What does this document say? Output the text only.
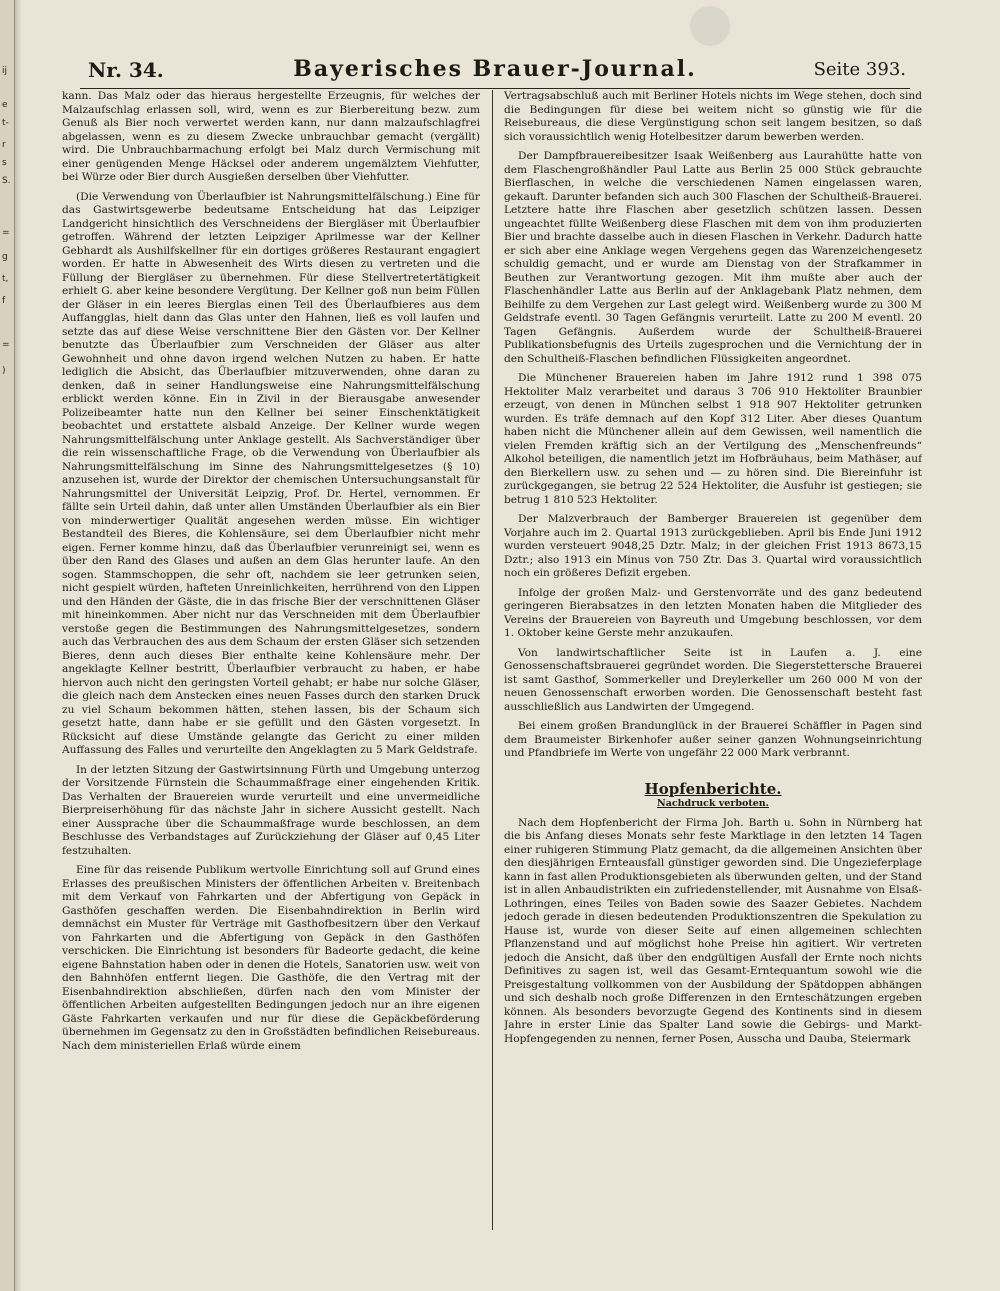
ij
e
t-
r
s
S.
=
g
t,
f
=
)
Nr. 34.	Bayerisches Brauer-Journal.	Seite 393.

kann. Das Malz oder das hieraus hergestellte Erzeugnis, für welches der Malzaufschlag erlassen soll, wird, wenn es zur Bierbereitung bezw. zum Genuß als Bier noch verwertet werden kann, nur dann malzaufschlagfrei abgelassen, wenn es zu diesem Zwecke unbrauchbar gemacht (vergällt) wird. Die Unbrauchbarmachung erfolgt bei Malz durch Vermischung mit einer genügenden Menge Häcksel oder anderem ungemälztem Viehfutter, bei Würze oder Bier durch Ausgießen derselben über Viehfutter.

(Die Verwendung von Überlaufbier ist Nahrungsmittelfälschung.) Eine für das Gastwirtsgewerbe bedeutsame Entscheidung hat das Leipziger Landgericht hinsichtlich des Verschneidens der Biergläser mit Überlaufbier getroffen. Während der letzten Leipziger Aprilmesse war der Kellner Gebhardt als Aushilfskellner für ein dortiges größeres Restaurant engagiert worden. Er hatte in Abwesenheit des Wirts diesen zu vertreten und die Füllung der Biergläser zu übernehmen. Für diese Stellvertretertätigkeit erhielt G. aber keine besondere Vergütung. Der Kellner goß nun beim Füllen der Gläser in ein leeres Bierglas einen Teil des Überlaufbieres aus dem Auffangglas, hielt dann das Glas unter den Hahnen, ließ es voll laufen und setzte das auf diese Weise verschnittene Bier den Gästen vor. Der Kellner benutzte das Überlaufbier zum Verschneiden der Gläser aus alter Gewohnheit und ohne davon irgend welchen Nutzen zu haben. Er hatte lediglich die Absicht, das Überlaufbier mitzuverwenden, ohne daran zu denken, daß in seiner Handlungsweise eine Nahrungsmittelfälschung erblickt werden könne. Ein in Zivil in der Bierausgabe anwesender Polizeibeamter hatte nun den Kellner bei seiner Einschenktätigkeit beobachtet und erstattete alsbald Anzeige. Der Kellner wurde wegen Nahrungsmittelfälschung unter Anklage gestellt. Als Sachverständiger über die rein wissenschaftliche Frage, ob die Verwendung von Überlaufbier als Nahrungsmittelfälschung im Sinne des Nahrungsmittelgesetzes (§ 10) anzusehen ist, wurde der Direktor der chemischen Untersuchungsanstalt für Nahrungsmittel der Universität Leipzig, Prof. Dr. Hertel, vernommen. Er fällte sein Urteil dahin, daß unter allen Umständen Überlaufbier als ein Bier von minderwertiger Qualität angesehen werden müsse. Ein wichtiger Bestandteil des Bieres, die Kohlensäure, sei dem Überlaufbier nicht mehr eigen. Ferner komme hinzu, daß das Überlaufbier verunreinigt sei, wenn es über den Rand des Glases und außen an dem Glas herunter laufe. An den sogen. Stammschoppen, die sehr oft, nachdem sie leer getrunken seien, nicht gespielt würden, hafteten Unreinlichkeiten, herrührend von den Lippen und den Händen der Gäste, die in das frische Bier der verschnittenen Gläser mit hineinkommen. Aber nicht nur das Verschneiden mit dem Überlaufbier verstoße gegen die Bestimmungen des Nahrungsmittelgesetzes, sondern auch das Verbrauchen des aus dem Schaum der ersten Gläser sich setzenden Bieres, denn auch dieses Bier enthalte keine Kohlensäure mehr. Der angeklagte Kellner bestritt, Überlaufbier verbraucht zu haben, er habe hiervon auch nicht den geringsten Vorteil gehabt; er habe nur solche Gläser, die gleich nach dem Anstecken eines neuen Fasses durch den starken Druck zu viel Schaum bekommen hätten, stehen lassen, bis der Schaum sich gesetzt hatte, dann habe er sie gefüllt und den Gästen vorgesetzt. In Rücksicht auf diese Umstände gelangte das Gericht zu einer milden Auffassung des Falles und verurteilte den Angeklagten zu 5 Mark Geldstrafe.

In der letzten Sitzung der Gastwirtsinnung Fürth und Umgebung unterzog der Vorsitzende Fürnstein die Schaummaßfrage einer eingehenden Kritik. Das Verhalten der Brauereien wurde verurteilt und eine unvermeidliche Bierpreiserhöhung für das nächste Jahr in sichere Aussicht gestellt. Nach einer Aussprache über die Schaummaßfrage wurde beschlossen, an dem Beschlusse des Verbandstages auf Zurückziehung der Gläser auf 0,45 Liter festzuhalten.

Eine für das reisende Publikum wertvolle Einrichtung soll auf Grund eines Erlasses des preußischen Ministers der öffentlichen Arbeiten v. Breitenbach mit dem Verkauf von Fahrkarten und der Abfertigung von Gepäck in Gasthöfen geschaffen werden. Die Eisenbahndirektion in Berlin wird demnächst ein Muster für Verträge mit Gasthofbesitzern über den Verkauf von Fahrkarten und die Abfertigung von Gepäck in den Gasthöfen verschicken. Die Einrichtung ist besonders für Badeorte gedacht, die keine eigene Bahnstation haben oder in denen die Hotels, Sanatorien usw. weit von den Bahnhöfen entfernt liegen. Die Gasthöfe, die den Vertrag mit der Eisenbahndirektion abschließen, dürfen nach den vom Minister der öffentlichen Arbeiten aufgestellten Bedingungen jedoch nur an ihre eigenen Gäste Fahrkarten verkaufen und nur für diese die Gepäckbeförderung übernehmen im Gegensatz zu den in Großstädten befindlichen Reisebureaus. Nach dem ministeriellen Erlaß würde einem

Vertragsabschluß auch mit Berliner Hotels nichts im Wege stehen, doch sind die Bedingungen für diese bei weitem nicht so günstig wie für die Reisebureaus, die diese Vergünstigung schon seit langem besitzen, so daß sich voraussichtlich wenig Hotelbesitzer darum bewerben werden.

Der Dampfbrauereibesitzer Isaak Weißenberg aus Laurahütte hatte von dem Flaschengroßhändler Paul Latte aus Berlin 25 000 Stück gebrauchte Bierflaschen, in welche die verschiedenen Namen eingelassen waren, gekauft. Darunter befanden sich auch 300 Flaschen der Schultheiß-Brauerei. Letztere hatte ihre Flaschen aber gesetzlich schützen lassen. Dessen ungeachtet füllte Weißenberg diese Flaschen mit dem von ihm produzierten Bier und brachte dasselbe auch in diesen Flaschen in Verkehr. Dadurch hatte er sich aber eine Anklage wegen Vergehens gegen das Warenzeichengesetz schuldig gemacht, und er wurde am Dienstag von der Strafkammer in Beuthen zur Verantwortung gezogen. Mit ihm mußte aber auch der Flaschenhändler Latte aus Berlin auf der Anklagebank Platz nehmen, dem Beihilfe zu dem Vergehen zur Last gelegt wird. Weißenberg wurde zu 300 M Geldstrafe eventl. 30 Tagen Gefängnis verurteilt. Latte zu 200 M eventl. 20 Tagen Gefängnis. Außerdem wurde der Schultheiß-Brauerei Publikationsbefugnis des Urteils zugesprochen und die Vernichtung der in den Schultheiß-Flaschen befindlichen Flüssigkeiten angeordnet.

Die Münchener Brauereien haben im Jahre 1912 rund 1 398 075 Hektoliter Malz verarbeitet und daraus 3 706 910 Hektoliter Braunbier erzeugt, von denen in München selbst 1 918 907 Hektoliter getrunken wurden. Es träfe demnach auf den Kopf 312 Liter. Aber dieses Quantum haben nicht die Münchener allein auf dem Gewissen, weil namentlich die vielen Fremden kräftig sich an der Vertilgung des „Menschenfreunds“ Alkohol beteiligen, die namentlich jetzt im Hofbräuhaus, beim Mathäser, auf den Bierkellern usw. zu sehen und — zu hören sind. Die Biereinfuhr ist zurückgegangen, sie betrug 22 524 Hektoliter, die Ausfuhr ist gestiegen; sie betrug 1 810 523 Hektoliter.

Der Malzverbrauch der Bamberger Brauereien ist gegenüber dem Vorjahre auch im 2. Quartal 1913 zurückgeblieben. April bis Ende Juni 1912 wurden versteuert 9048,25 Dztr. Malz; in der gleichen Frist 1913 8673,15 Dztr.; also 1913 ein Minus von 750 Ztr. Das 3. Quartal wird voraussichtlich noch ein größeres Defizit ergeben.

Infolge der großen Malz- und Gerstenvorräte und des ganz bedeutend geringeren Bierabsatzes in den letzten Monaten haben die Mitglieder des Vereins der Brauereien von Bayreuth und Umgebung beschlossen, vor dem 1. Oktober keine Gerste mehr anzukaufen.

Von landwirtschaftlicher Seite ist in Laufen a. J. eine Genossenschaftsbrauerei gegründet worden. Die Siegerstettersche Brauerei ist samt Gasthof, Sommerkeller und Dreylerkeller um 260 000 M von der neuen Genossenschaft erworben worden. Die Genossenschaft besteht fast ausschließlich aus Landwirten der Umgegend.

Bei einem großen Brandunglück in der Brauerei Schäffler in Pagen sind dem Braumeister Birkenhofer außer seiner ganzen Wohnungseinrichtung und Pfandbriefe im Werte von ungefähr 22 000 Mark verbrannt.

Hopfenberichte.
Nachdruck verboten.

Nach dem Hopfenbericht der Firma Joh. Barth u. Sohn in Nürnberg hat die bis Anfang dieses Monats sehr feste Marktlage in den letzten 14 Tagen einer ruhigeren Stimmung Platz gemacht, da die allgemeinen Ansichten über den diesjährigen Ernteausfall günstiger geworden sind. Die Ungezieferplage kann in fast allen Produktionsgebieten als überwunden gelten, und der Stand ist in allen Anbaudistrikten ein zufriedenstellender, mit Ausnahme von Elsaß-Lothringen, eines Teiles von Baden sowie des Saazer Gebietes. Nachdem jedoch gerade in diesen bedeutenden Produktionszentren die Spekulation zu Hause ist, wurde von dieser Seite auf einen allgemeinen schlechten Pflanzenstand und auf möglichst hohe Preise hin agitiert. Wir vertreten jedoch die Ansicht, daß über den endgültigen Ausfall der Ernte noch nichts Definitives zu sagen ist, weil das Gesamt-Erntequantum sowohl wie die Preisgestaltung vollkommen von der Ausbildung der Spätdoppen abhängen und sich deshalb noch große Differenzen in den Ernteschätzungen ergeben können. Als besonders bevorzugte Gegend des Kontinents sind in diesem Jahre in erster Linie das Spalter Land sowie die Gebirgs- und Markt-Hopfengegenden zu nennen, ferner Posen, Ausscha und Dauba, Steiermark
